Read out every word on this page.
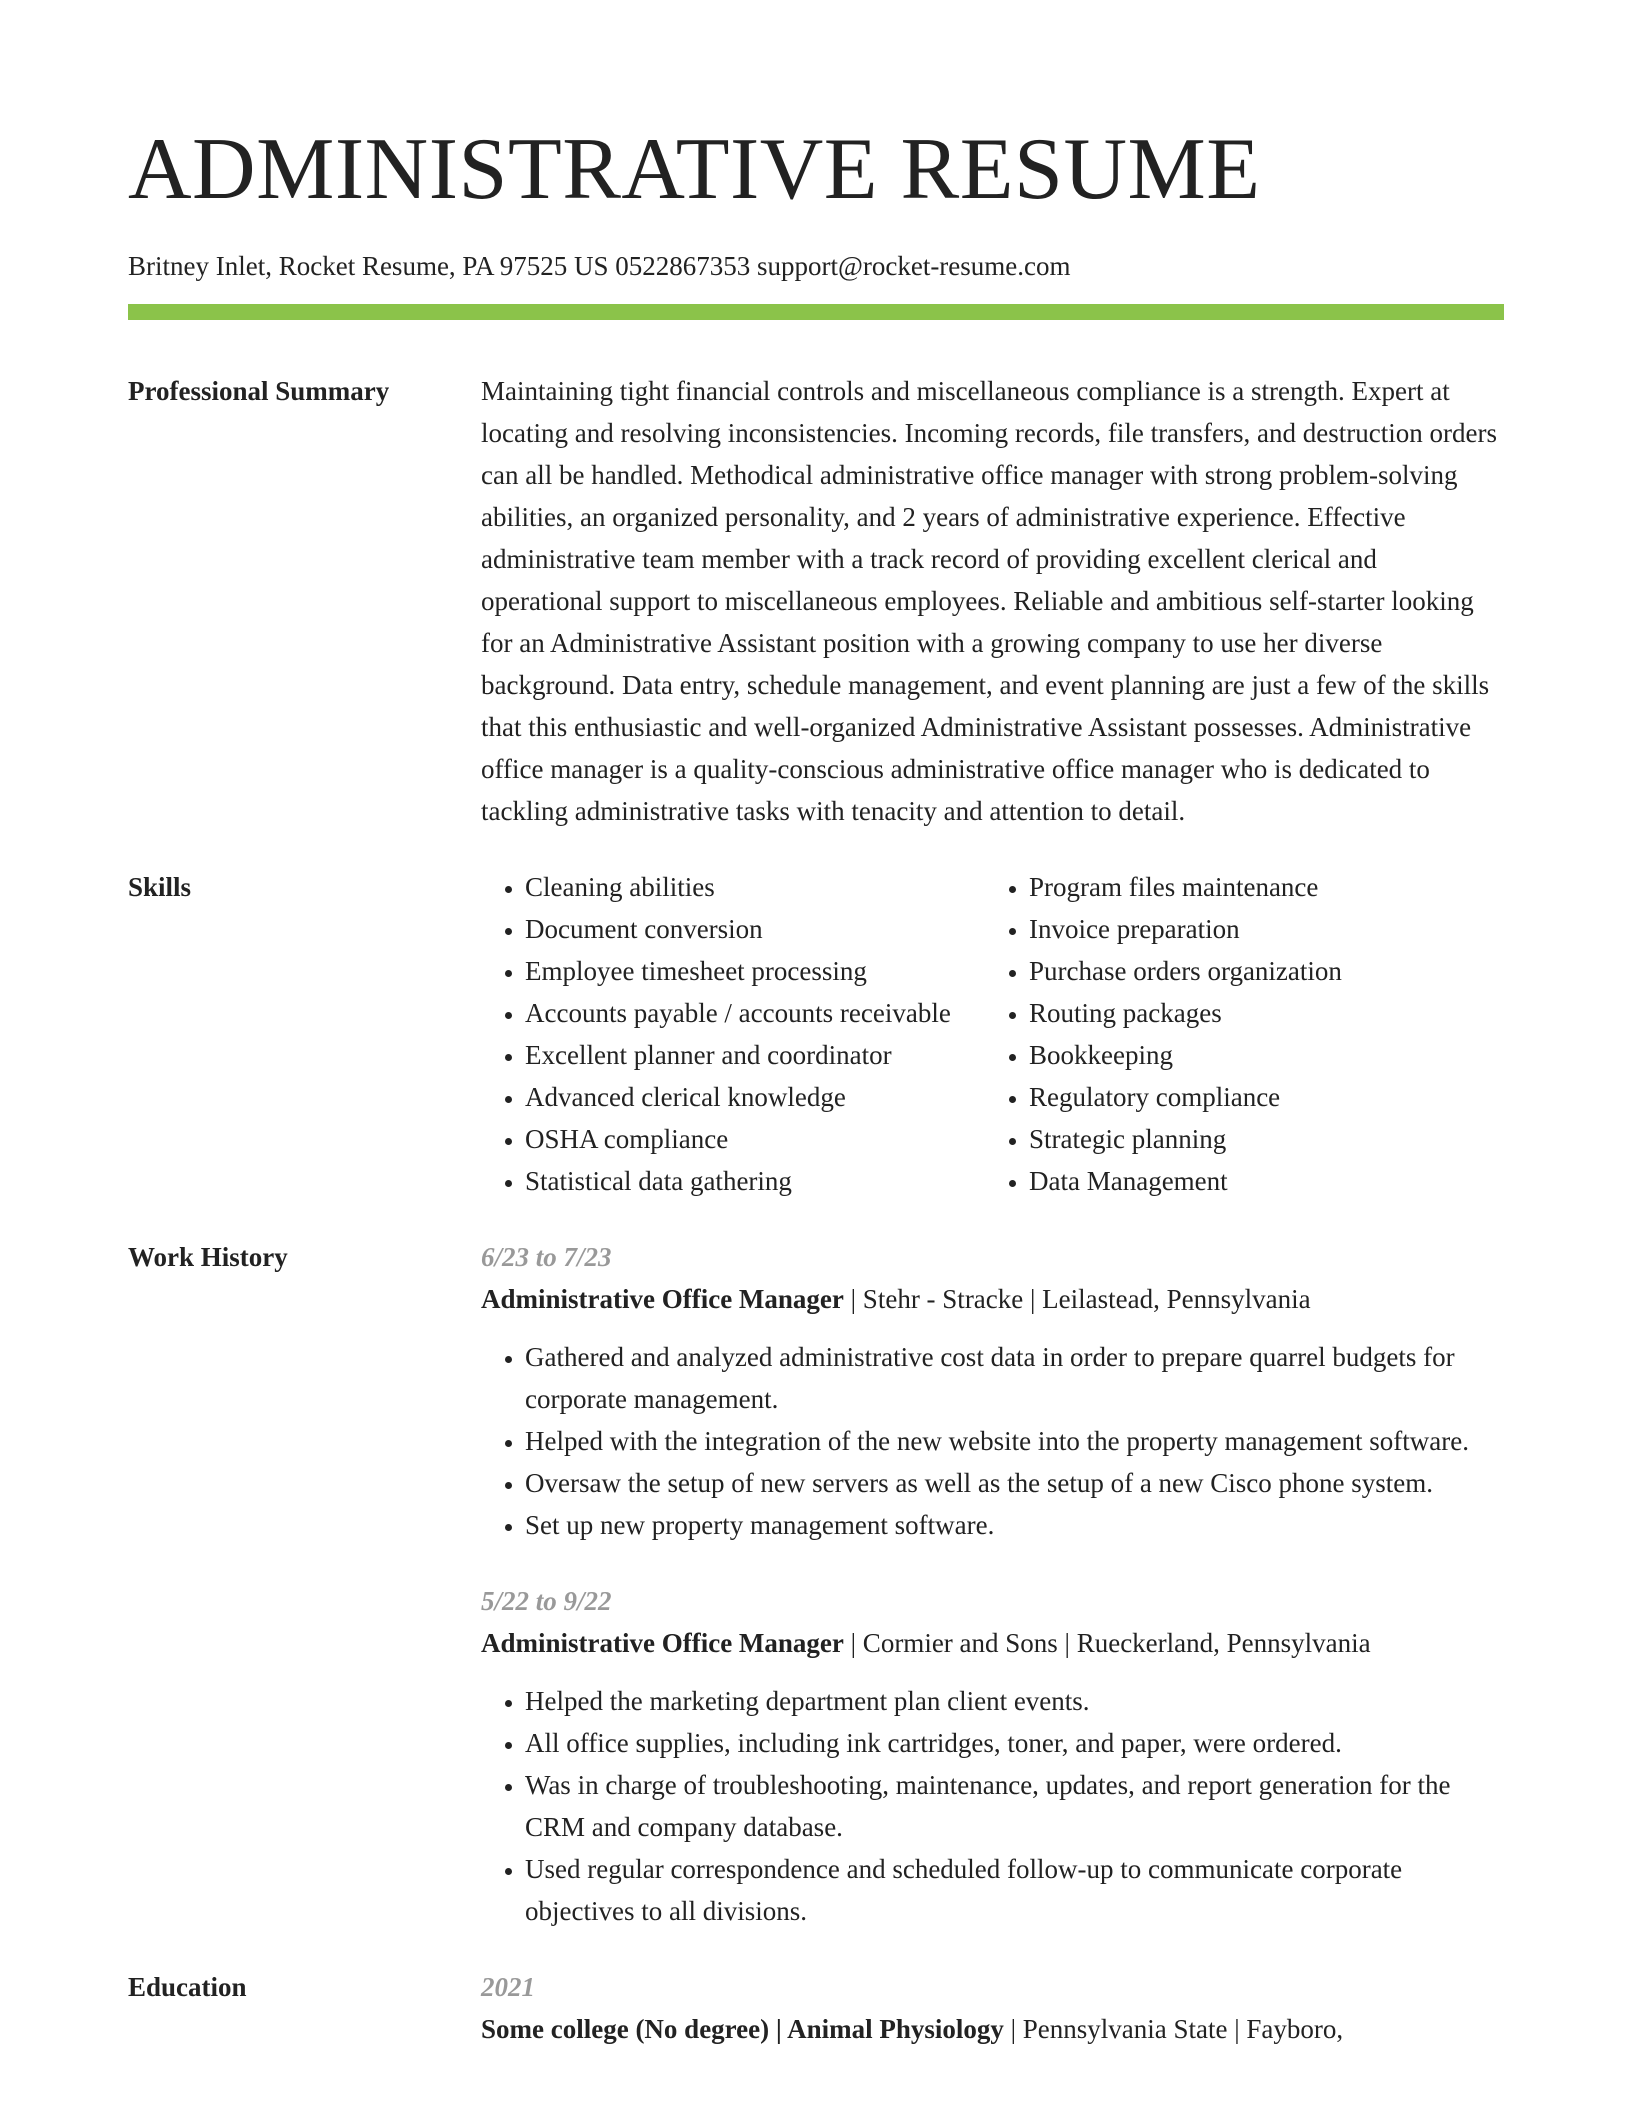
ADMINISTRATIVE RESUME
Britney Inlet, Rocket Resume, PA 97525 US 0522867353 support@rocket-resume.com
Professional Summary	Maintaining tight financial controls and miscellaneous compliance is a strength. Expert at locating and resolving inconsistencies. Incoming records, file transfers, and destruction orders can all be handled. Methodical administrative office manager with strong problem-solving abilities, an organized personality, and 2 years of administrative experience. Effective administrative team member with a track record of providing excellent clerical and operational support to miscellaneous employees. Reliable and ambitious self-starter looking for an Administrative Assistant position with a growing company to use her diverse background. Data entry, schedule management, and event planning are just a few of the skills that this enthusiastic and well-organized Administrative Assistant possesses. Administrative office manager is a quality-conscious administrative office manager who is dedicated to tackling administrative tasks with tenacity and attention to detail.

Skills
•	Cleaning abilities
• Document conversion
• Employee timesheet processing
• Accounts payable / accounts receivable
• Excellent planner and coordinator
• Advanced clerical knowledge
• OSHA compliance
• Statistical data gathering
• Program files maintenance
• Invoice preparation
• Purchase orders organization
• Routing packages
• Bookkeeping
• Regulatory compliance
• Strategic planning
• Data Management
Work History	6/23 to 7/23

Administrative Office Manager | Stehr - Stracke | Leilastead, Pennsylvania

• Gathered and analyzed administrative cost data in order to prepare quarrel budgets for corporate management.
• Helped with the integration of the new website into the property management software.
• Oversaw the setup of new servers as well as the setup of a new Cisco phone system.
• Set up new property management software.

5/22 to 9/22

Administrative Office Manager | Cormier and Sons | Rueckerland, Pennsylvania

• Helped the marketing department plan client events.
• All office supplies, including ink cartridges, toner, and paper, were ordered.
• Was in charge of troubleshooting, maintenance, updates, and report generation for the CRM and company database.
• Used regular correspondence and scheduled follow-up to communicate corporate objectives to all divisions.
Education	2021

Some college (No degree) | Animal Physiology | Pennsylvania State | Fayboro,
